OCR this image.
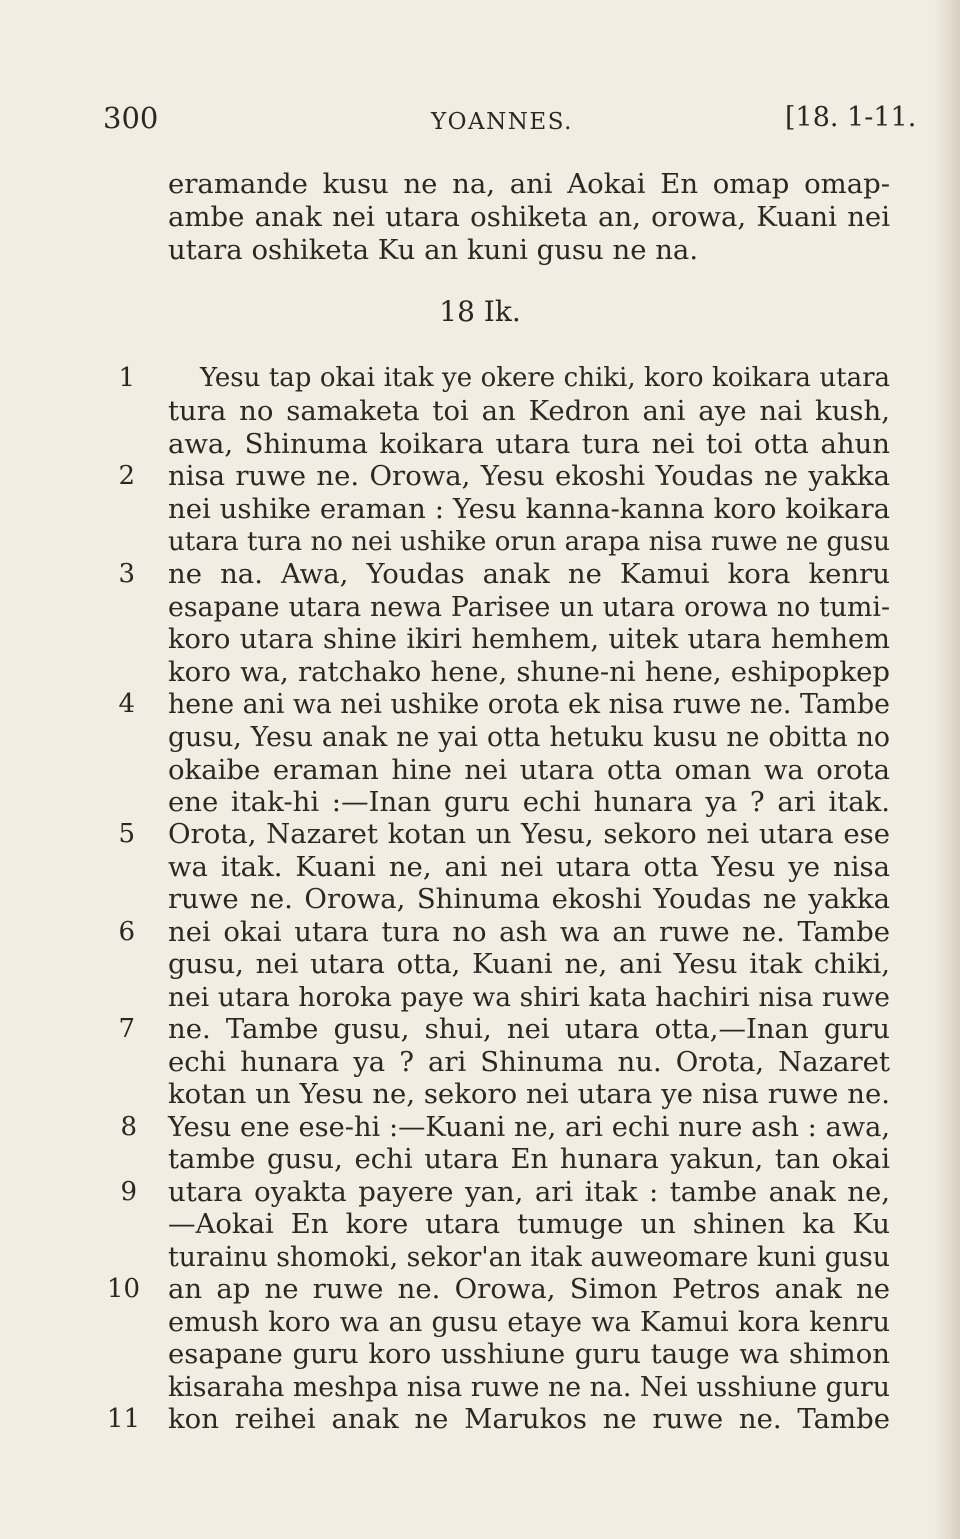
300	YOANNES.	[18. 1-11.
eramande kusu ne na, ani Aokai En omap omap-
ambe anak nei utara oshiketa an, orowa, Kuani nei
utara oshiketa Ku an kuni gusu ne na.
18 Ik.
Yesu tap okai itak ye okere chiki, koro koikara utara
tura no samaketa toi an Kedron ani aye nai kush,
awa, Shinuma koikara utara tura nei toi otta ahun
nisa ruwe ne. Orowa, Yesu ekoshi Youdas ne yakka
nei ushike eraman : Yesu kanna-kanna koro koikara
utara tura no nei ushike orun arapa nisa ruwe ne gusu
ne na. Awa, Youdas anak ne Kamui kora kenru
esapane utara newa Parisee un utara orowa no tumi-
koro utara shine ikiri hemhem, uitek utara hemhem
koro wa, ratchako hene, shune-ni hene, eshipopkep
hene ani wa nei ushike orota ek nisa ruwe ne. Tambe
gusu, Yesu anak ne yai otta hetuku kusu ne obitta no
okaibe eraman hine nei utara otta oman wa orota
ene itak-hi :—Inan guru echi hunara ya ? ari itak.
Orota, Nazaret kotan un Yesu, sekoro nei utara ese
wa itak. Kuani ne, ani nei utara otta Yesu ye nisa
ruwe ne. Orowa, Shinuma ekoshi Youdas ne yakka
nei okai utara tura no ash wa an ruwe ne. Tambe
gusu, nei utara otta, Kuani ne, ani Yesu itak chiki,
nei utara horoka paye wa shiri kata hachiri nisa ruwe
ne. Tambe gusu, shui, nei utara otta,—Inan guru
echi hunara ya ? ari Shinuma nu. Orota, Nazaret
kotan un Yesu ne, sekoro nei utara ye nisa ruwe ne.
Yesu ene ese-hi :—Kuani ne, ari echi nure ash : awa,
tambe gusu, echi utara En hunara yakun, tan okai
utara oyakta payere yan, ari itak : tambe anak ne,
—Aokai En kore utara tumuge un shinen ka Ku
turainu shomoki, sekor'an itak auweomare kuni gusu
an ap ne ruwe ne. Orowa, Simon Petros anak ne
emush koro wa an gusu etaye wa Kamui kora kenru
esapane guru koro usshiune guru tauge wa shimon
kisaraha meshpa nisa ruwe ne na. Nei usshiune guru
kon reihei anak ne Marukos ne ruwe ne. Tambe
1
2
3
4
5
6
7
8
9
10
11
